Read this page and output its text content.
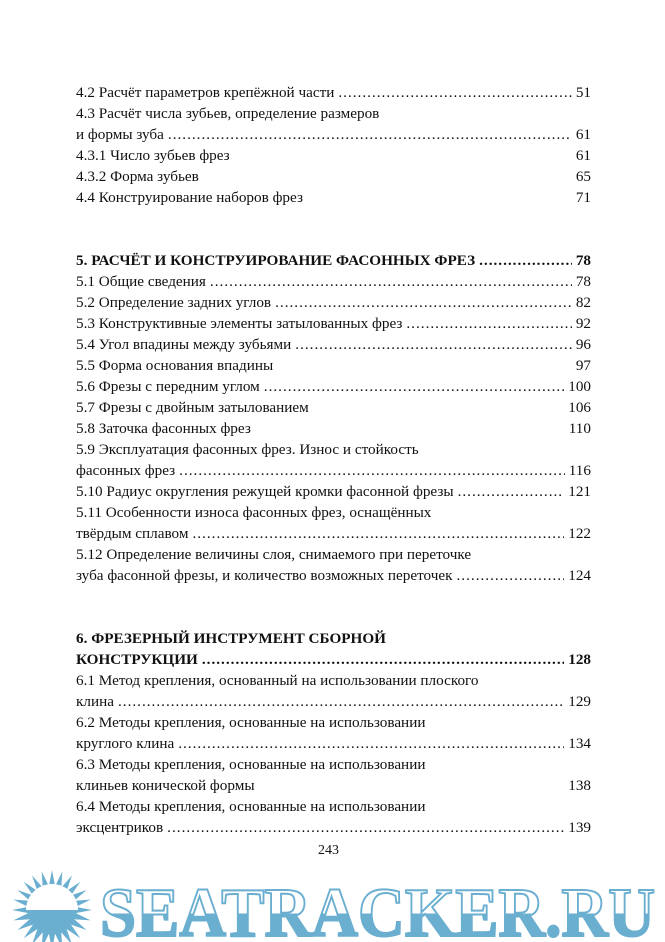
4.2 Расчёт параметров крепёжной части .....	51
4.3 Расчёт числа зубьев, определение размеров
и формы зуба .....	61
4.3.1 Число зубьев фрез	61
4.3.2 Форма зубьев	65
4.4 Конструирование наборов фрез	71
5. РАСЧЁТ И КОНСТРУИРОВАНИЕ ФАСОННЫХ ФРЕЗ .....	78
5.1 Общие сведения .....	78
5.2 Определение задних углов .....	82
5.3 Конструктивные элементы затылованных фрез .....	92
5.4 Угол впадины между зубьями .....	96
5.5 Форма основания впадины	97
5.6 Фрезы с передним углом .....	100
5.7 Фрезы с двойным затылованием	106
5.8 Заточка фасонных фрез	110
5.9 Эксплуатация фасонных фрез. Износ и стойкость
фасонных фрез .....	116
5.10 Радиус округления режущей кромки фасонной фрезы .....	121
5.11 Особенности износа фасонных фрез, оснащённых
твёрдым сплавом .....	122
5.12 Определение величины слоя, снимаемого при переточке
зуба фасонной фрезы, и количество возможных переточек .....	124
6. ФРЕЗЕРНЫЙ ИНСТРУМЕНТ СБОРНОЙ
КОНСТРУКЦИИ .....	128
6.1 Метод крепления, основанный на использовании плоского
клина .....	129
6.2 Методы крепления, основанные на использовании
круглого клина .....	134
6.3 Методы крепления, основанные на использовании
клиньев конической формы	138
6.4 Методы крепления, основанные на использовании
эксцентриков .....	139
243
SEATRACKER.RU
